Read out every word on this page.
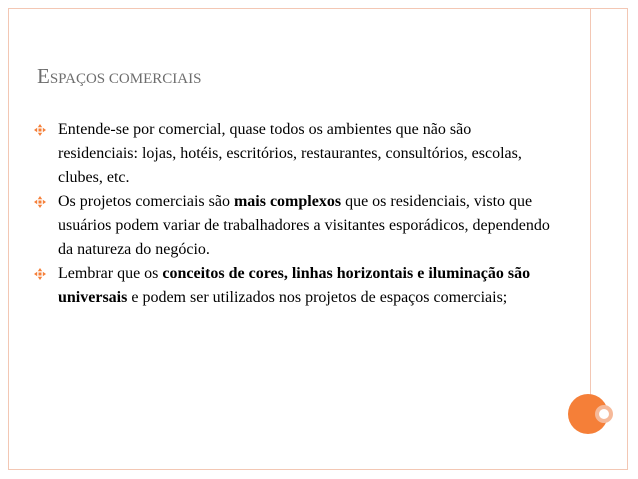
ESPAÇOS COMERCIAIS
Entende-se por comercial, quase todos os ambientes que não são residenciais: lojas, hotéis, escritórios, restaurantes, consultórios, escolas, clubes, etc.
Os projetos comerciais são mais complexos que os residenciais, visto que usuários podem variar de trabalhadores a visitantes esporádicos, dependendo da natureza do negócio.
Lembrar que os conceitos de cores, linhas horizontais e iluminação são universais e podem ser utilizados nos projetos de espaços comerciais;
